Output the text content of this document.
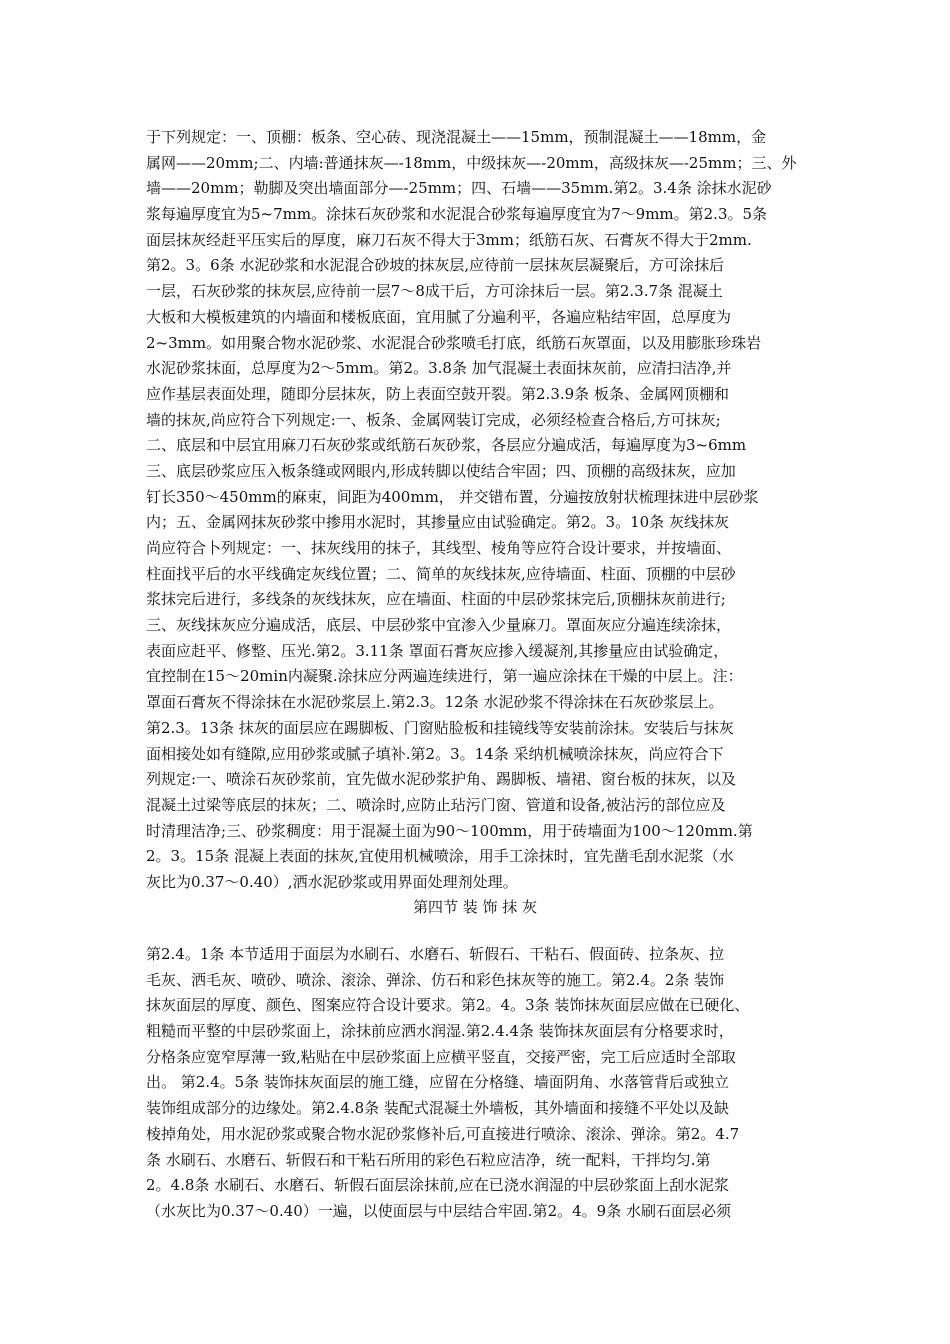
于下列规定：一、顶棚：板条、空心砖、现浇混凝土——15mm，预制混凝土——18mm，金
属网——20mm;二、内墙:普通抹灰—-18mm，中级抹灰—-20mm，高级抹灰—-25mm；三、外
墙——20mm；勒脚及突出墙面部分—-25mm；四、石墙——35mm.第2。3.4条 涂抹水泥砂
浆每遍厚度宜为5~7mm。涂抹石灰砂浆和水泥混合砂浆每遍厚度宜为7～9mm。第2.3。5条
面层抹灰经赶平压实后的厚度，麻刀石灰不得大于3mm；纸筋石灰、石膏灰不得大于2mm.
第2。3。6条 水泥砂浆和水泥混合砂坡的抹灰层,应待前一层抹灰层凝聚后，方可涂抹后
一层，石灰砂浆的抹灰层,应待前一层7～8成干后，方可涂抹后一层。第2.3.7条 混凝土
大板和大模板建筑的内墙面和楼板底面，宜用腻了分遍利平，各遍应粘结牢固，总厚度为
2~3mm。如用聚合物水泥砂浆、水泥混合砂浆喷毛打底，纸筋石灰罩面，以及用膨胀珍珠岩
水泥砂浆抹面，总厚度为2～5mm。第2。3.8条 加气混凝土表面抹灰前，应清扫洁净,并
应作基层表面处理，随即分层抹灰，防上表面空鼓开裂。第2.3.9条 板条、金属网顶棚和
墙的抹灰,尚应符合下列规定:一、板条、金属网装订完成，必须经检查合格后,方可抹灰;
二、底层和中层宜用麻刀石灰砂浆或纸筋石灰砂浆，各层应分遍成活，每遍厚度为3~6mm
三、底层砂浆应压入板条缝或网眼内,形成转脚以使结合牢固；四、顶棚的高级抹灰，应加
钉长350～450mm的麻束，间距为400mm， 并交错布置，分遍按放射状梳理抹进中层砂浆
内；五、金属网抹灰砂浆中掺用水泥时，其掺量应由试验确定。第2。3。10条 灰线抹灰
尚应符合卜列规定：一、抹灰线用的抹子，其线型、棱角等应符合设计要求，并按墙面、
柱面找平后的水平线确定灰线位置；二、简单的灰线抹灰,应待墙面、柱面、顶棚的中层砂
浆抹完后进行，多线条的灰线抹灰，应在墙面、柱面的中层砂浆抹完后,顶棚抹灰前进行;
三、灰线抹灰应分遍成活，底层、中层砂浆中宜渗入少量麻刀。罩面灰应分遍连续涂抹，
表面应赶平、修整、压光.第2。3.11条 罩面石膏灰应掺入缓凝剂,其掺量应由试验确定，
宜控制在15～20min内凝聚.涂抹应分两遍连续进行，第一遍应涂抹在干燥的中层上。注：
罩面石膏灰不得涂抹在水泥砂浆层上.第2.3。12条 水泥砂浆不得涂抹在石灰砂浆层上。
第2.3。13条 抹灰的面层应在踢脚板、门窗贴脸板和挂镜线等安装前涂抹。安装后与抹灰
面相接处如有缝隙,应用砂浆或腻子填补.第2。3。14条 采纳机械喷涂抹灰，尚应符合下
列规定:一、喷涂石灰砂浆前，宜先做水泥砂浆护角、踢脚板、墙裙、窗台板的抹灰，以及
混凝土过梁等底层的抹灰；二、喷涂时,应防止玷污门窗、管道和设备,被沾污的部位应及
时清理洁净;三、砂浆稠度：用于混凝土面为90～100mm，用于砖墙面为100～120mm.第
2。3。15条 混凝上表面的抹灰,宜使用机械喷涂，用手工涂抹时，宜先凿毛刮水泥浆（水
灰比为0.37～0.40）,洒水泥砂浆或用界面处理剂处理。
第四节 装 饰 抹 灰
第2.4。1条 本节适用于面层为水刷石、水磨石、斩假石、干粘石、假面砖、拉条灰、拉
毛灰、洒毛灰、喷砂、喷涂、滚涂、弹涂、仿石和彩色抹灰等的施工。第2.4。2条 装饰
抹灰面层的厚度、颜色、图案应符合设计要求。第2。4。3条 装饰抹灰面层应做在已硬化、
粗糙而平整的中层砂浆面上，涂抹前应洒水润湿.第2.4.4条 装饰抹灰面层有分格要求时，
分格条应宽窄厚薄一致,粘贴在中层砂浆面上应横平竖直，交接严密，完工后应适时全部取
出。 第2.4。5条 装饰抹灰面层的施工缝，应留在分格缝、墙面阴角、水落管背后或独立
装饰组成部分的边缘处。第2.4.8条 装配式混凝土外墙板，其外墙面和接缝不平处以及缺
棱掉角处，用水泥砂浆或聚合物水泥砂浆修补后,可直接进行喷涂、滚涂、弹涂。第2。4.7
条 水刷石、水磨石、斩假石和干粘石所用的彩色石粒应洁净，统一配料，干拌均匀.第
2。4.8条 水刷石、水磨石、斩假石面层涂抹前,应在已浇水润湿的中层砂浆面上刮水泥浆
（水灰比为0.37～0.40）一遍，以使面层与中层结合牢固.第2。4。9条 水刷石面层必须
